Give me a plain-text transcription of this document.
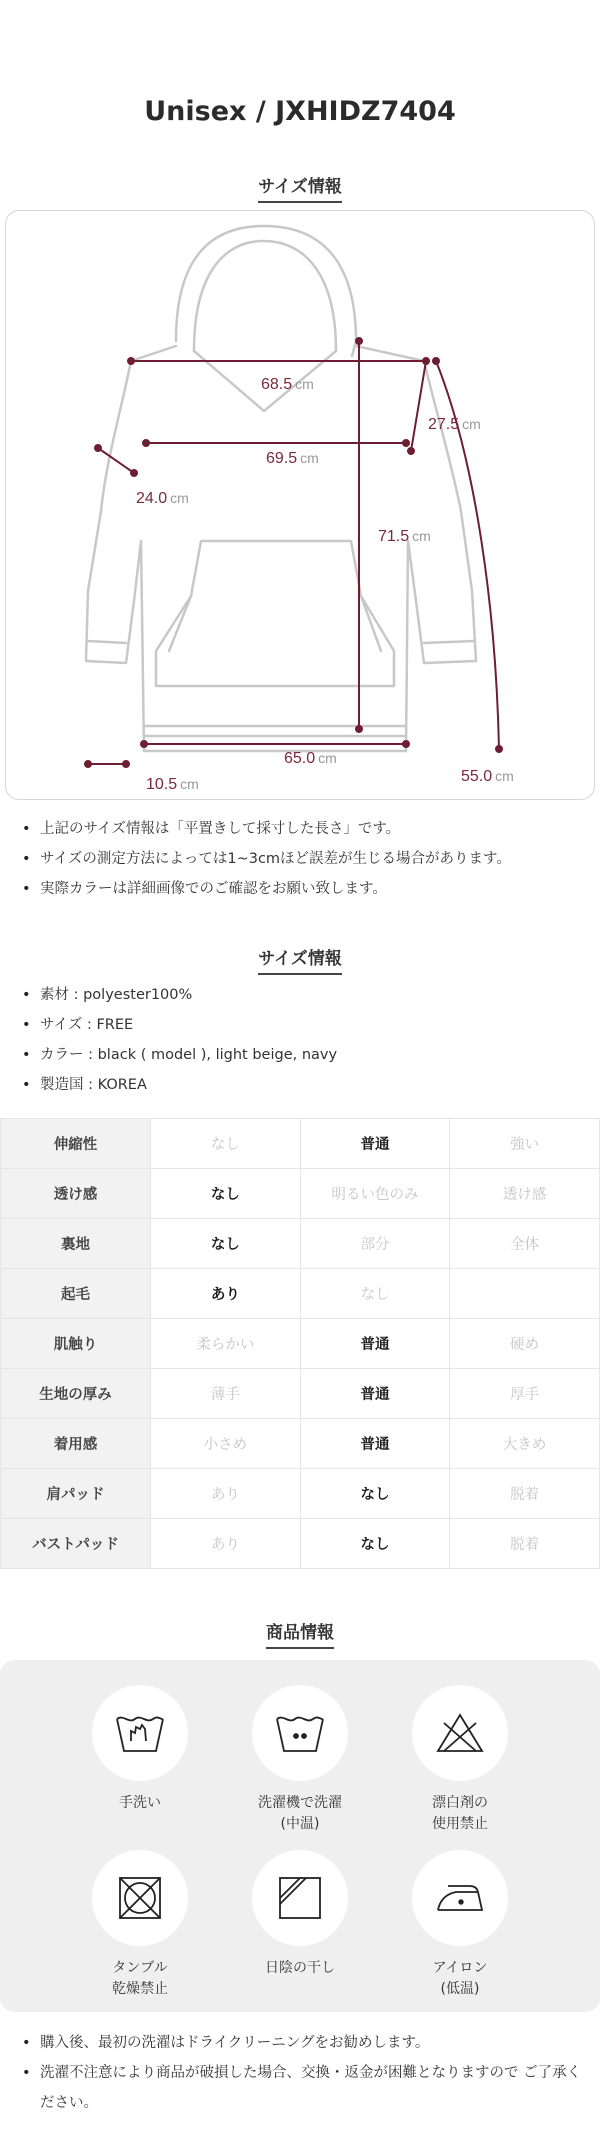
Unisex / JXHIDZ7404
サイズ情報
68.5 cm
69.5 cm
24.0 cm
27.5 cm
71.5 cm
65.0 cm
10.5 cm	55.0 cm
• 上記のサイズ情報は「平置きして採寸した長さ」です。
• サイズの測定方法によっては1~3cmほど誤差が生じる場合があります。
• 実際カラーは詳細画像でのご確認をお願い致します。
サイズ情報
• 素材 : polyester100%
• サイズ : FREE
• カラー : black ( model ), light beige, navy
• 製造国 : KOREA
伸縮性	なし	普通	強い
透け感	なし	明るい色のみ	透け感
裏地	なし	部分	全体
起毛	あり	なし	
肌触り	柔らかい	普通	硬め
生地の厚み	薄手	普通	厚手
着用感	小さめ	普通	大きめ
肩パッド	あり	なし	脱着
バストパッド	あり	なし	脱着
商品情報
手洗い	洗濯機で洗濯
(中温)
漂白剤の
使用禁止
タンブル
乾燥禁止
日陰の干し	アイロン
(低温)
• 購入後、最初の洗濯はドライクリーニングをお勧めします。
• 洗濯不注意により商品が破損した場合、交換・返金が困難となりますので ご了承ください。
